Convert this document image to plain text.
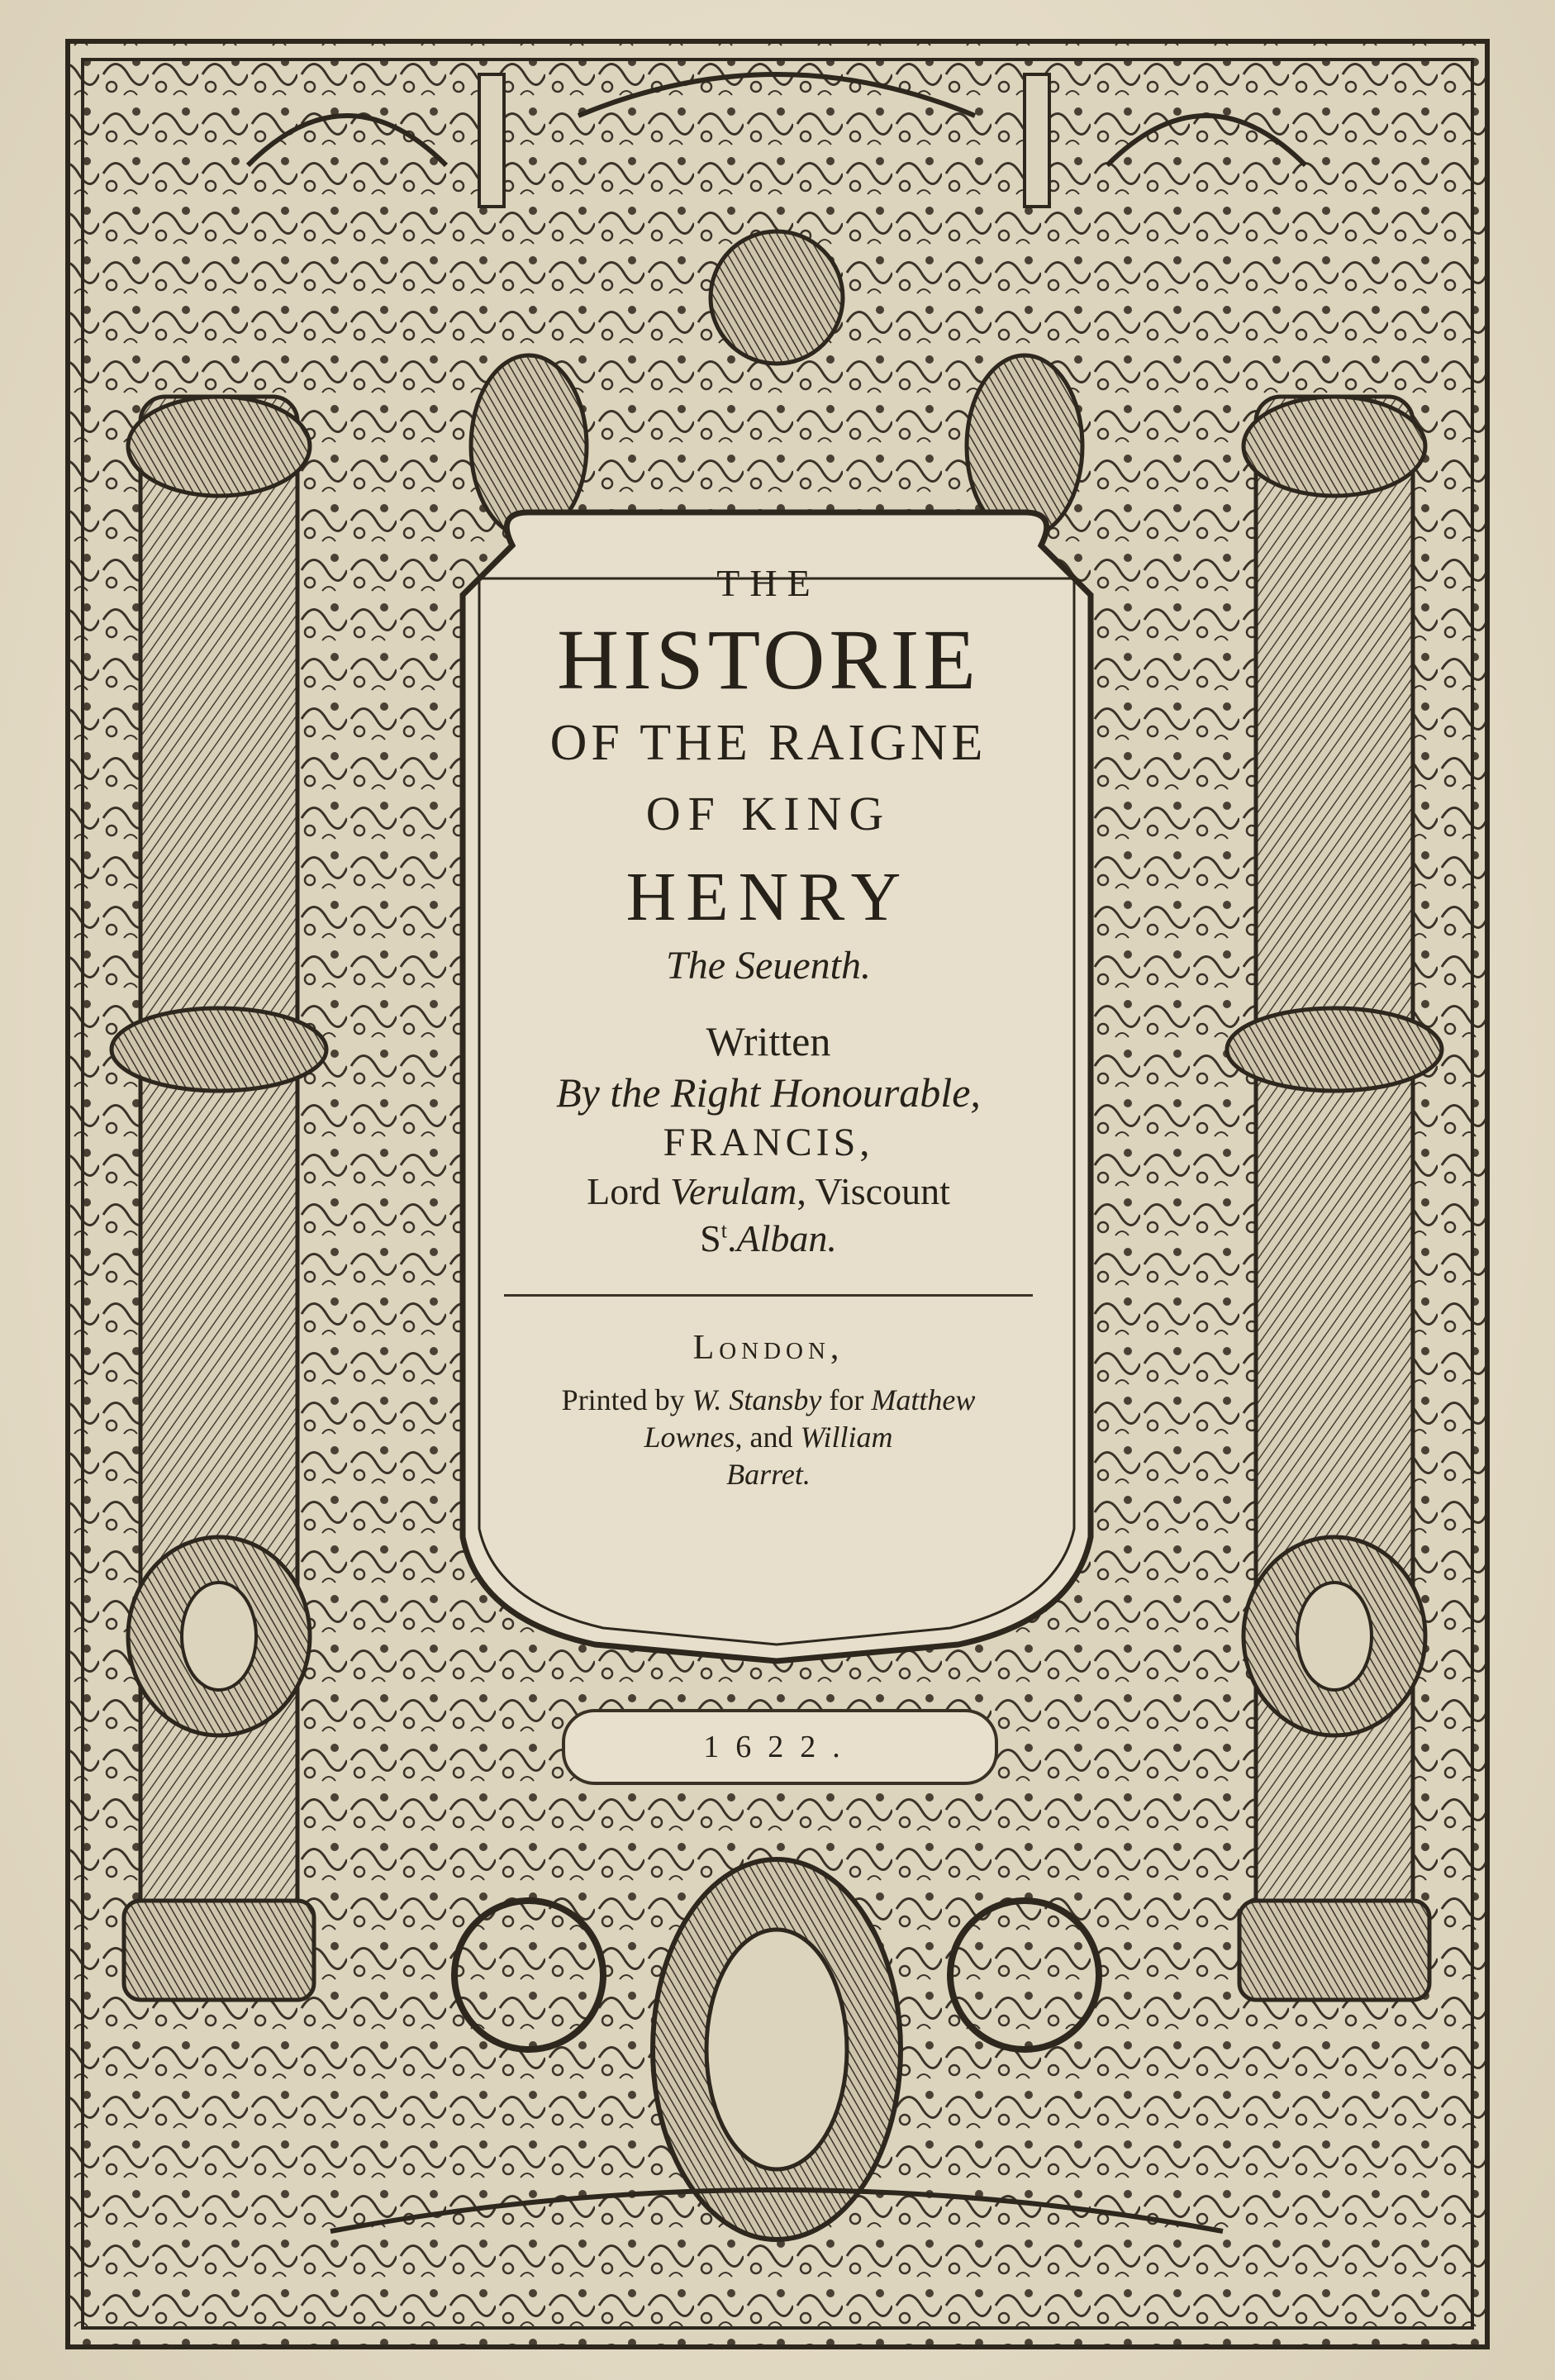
THE
HISTORIE
OF THE RAIGNE
OF KING
HENRY
The Seuenth.
Written
By the Right Honourable,
FRANCIS,
Lord Verulam, Viscount
$S^t.Alban$.
London,
Printed by W. Stansby for Matthew
Lownes, and William
Barret.
1622.
